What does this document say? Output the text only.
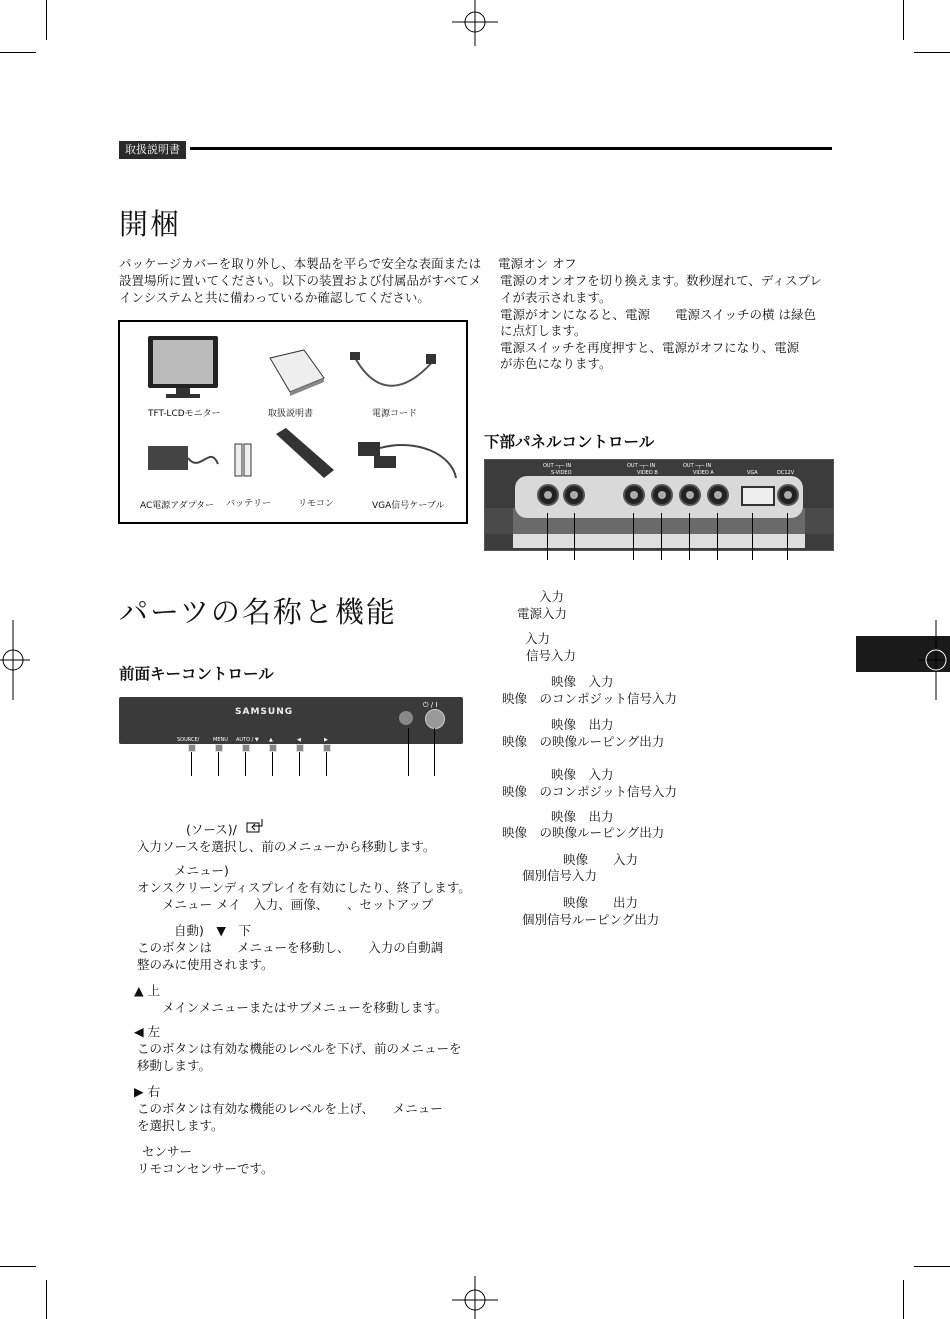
取扱説明書
開梱
パッケージカバーを取り外し、本製品を平らで安全な表面または
設置場所に置いてください。以下の装置および付属品がすべてメ
インシステムと共に備わっているか確認してください。
TFT-LCDモニター	取扱説明書	電源コード
AC電源アダプター バッテリー	リモコン	VGA信号ケーブル
電源オン オフ
電源のオンオフを切り換えます。数秒遅れて、ディスプレ
イが表示されます。
電源がオンになると、電源　　電源スイッチの横 は緑色
に点灯します。
電源スイッチを再度押すと、電源がオフになり、電源
が赤色になります。
下部パネルコントロール
OUT ─┬─ IN
S-VIDEO
OUT ─┬─ IN
VIDEO B
OUT ─┬─ IN
VIDEO A	VGA	DC12V
パーツの名称と機能
前面キーコントロール
SAMSUNG
⏻ / I
SOURCE/	MENU AUTO / ▼ ▲	◀	▶
(ソース)/
入力ソースを選択し、前のメニューから移動します。
メニュー)
オンスクリーンディスプレイを有効にしたり、終了します。
メニュー メイ　入力、画像、　　、セットアップ
自動)　▼　下
このボタンは　　メニューを移動し、　　入力の自動調
整のみに使用されます。
▲ 上
メインメニューまたはサブメニューを移動します。
◀ 左
このボタンは有効な機能のレベルを下げ、前のメニューを
移動します。
▶ 右
このボタンは有効な機能のレベルを上げ、　　メニュー
を選択します。
センサー
リモコンセンサーです。
入力
電源入力
入力
信号入力
映像　入力
映像　のコンポジット信号入力
映像　出力
映像　の映像ルーピング出力
映像　入力
映像　のコンポジット信号入力
映像　出力
映像　の映像ルーピング出力
映像　　入力
個別信号入力
映像　　出力
個別信号ルーピング出力
